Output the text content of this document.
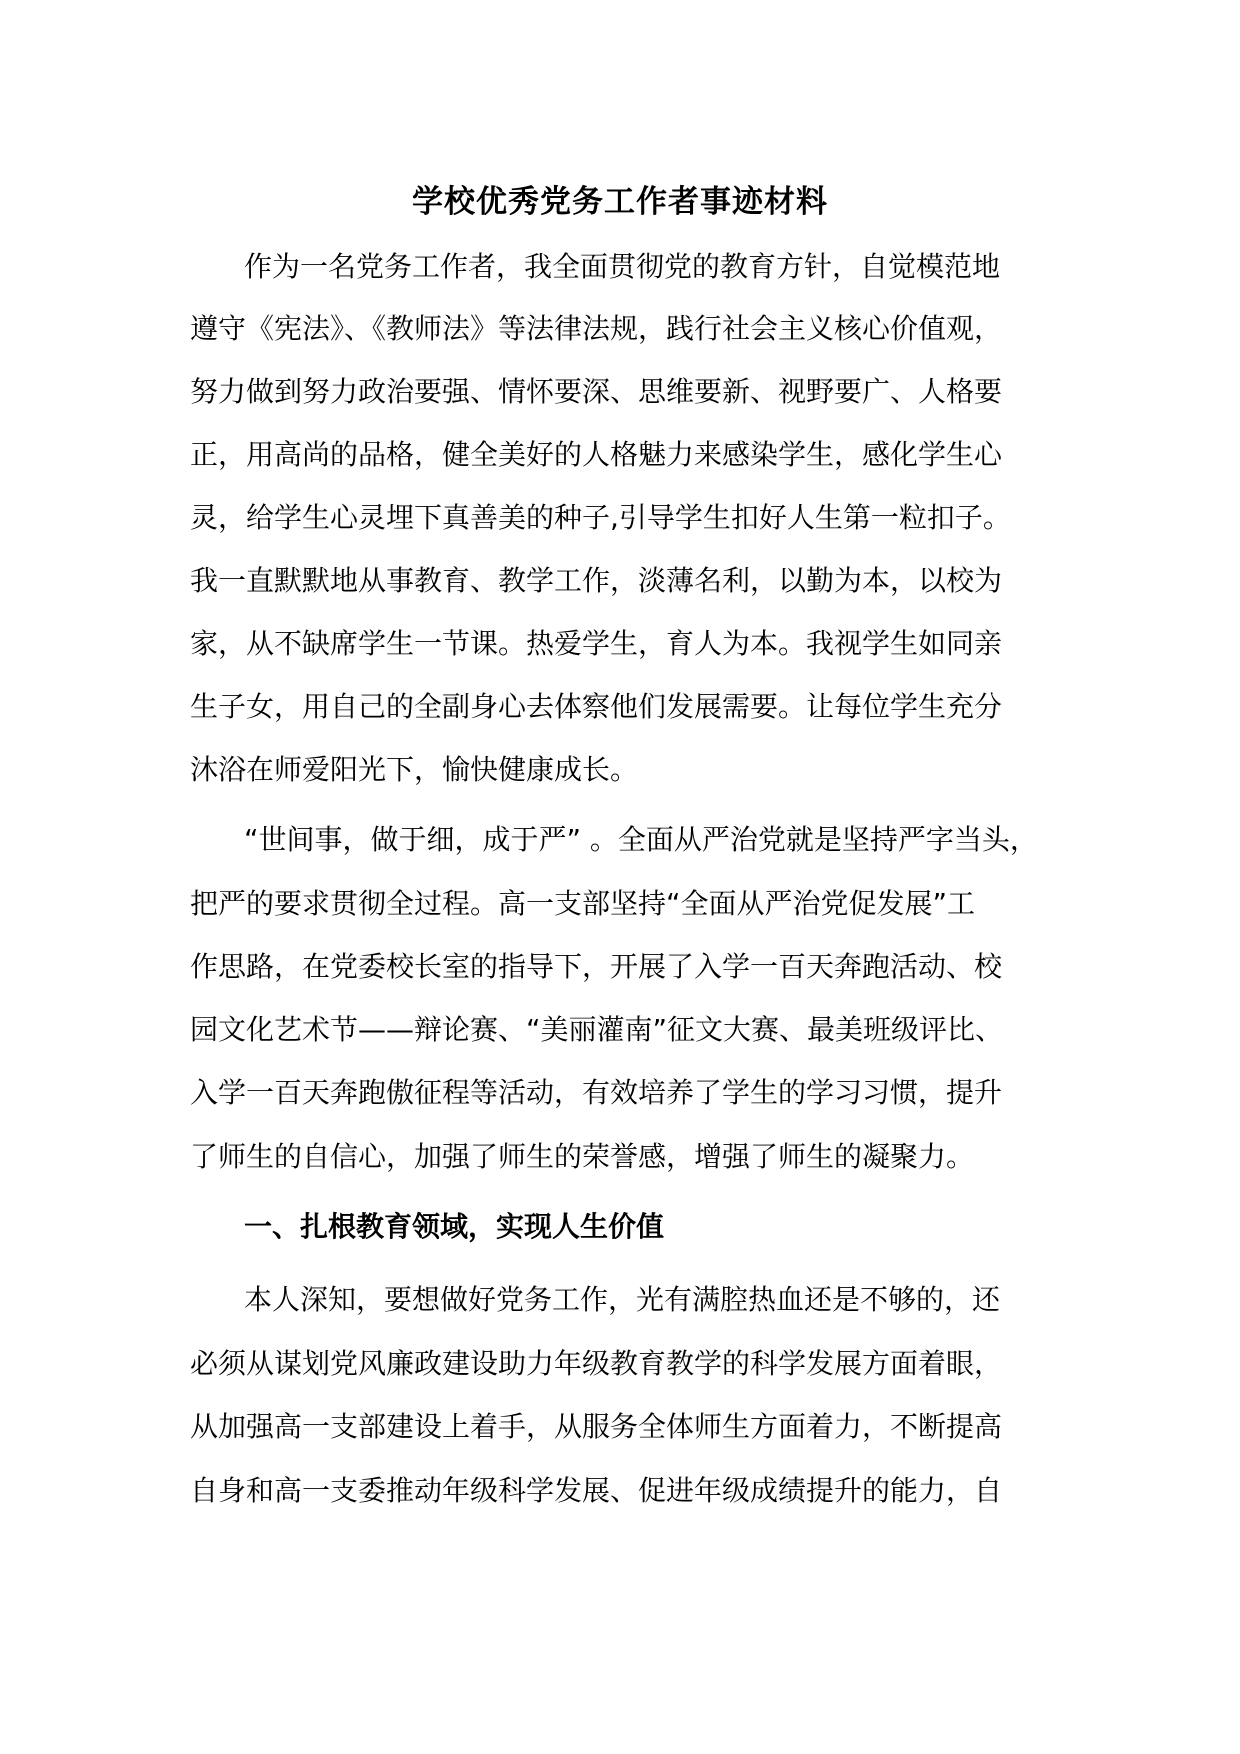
学校优秀党务工作者事迹材料
作为一名党务工作者，我全面贯彻党的教育方针，自觉模范地
遵守《宪法》、《教师法》等法律法规，践行社会主义核心价值观，
努力做到努力政治要强、情怀要深、思维要新、视野要广、人格要
正，用高尚的品格，健全美好的人格魅力来感染学生，感化学生心
灵，给学生心灵埋下真善美的种子,引导学生扣好人生第一粒扣子。
我一直默默地从事教育、教学工作，淡薄名利，以勤为本，以校为
家，从不缺席学生一节课。热爱学生，育人为本。我视学生如同亲
生子女，用自己的全副身心去体察他们发展需要。让每位学生充分
沐浴在师爱阳光下，愉快健康成长。
“世间事，做于细，成于严” 。全面从严治党就是坚持严字当头，
把严的要求贯彻全过程。高一支部坚持“全面从严治党促发展”工
作思路，在党委校长室的指导下，开展了入学一百天奔跑活动、校
园文化艺术节——辩论赛、“美丽灌南”征文大赛、最美班级评比、
入学一百天奔跑傲征程等活动，有效培养了学生的学习习惯，提升
了师生的自信心，加强了师生的荣誉感，增强了师生的凝聚力。
一、扎根教育领域，实现人生价值
本人深知，要想做好党务工作，光有满腔热血还是不够的，还
必须从谋划党风廉政建设助力年级教育教学的科学发展方面着眼，
从加强高一支部建设上着手，从服务全体师生方面着力，不断提高
自身和高一支委推动年级科学发展、促进年级成绩提升的能力，自
